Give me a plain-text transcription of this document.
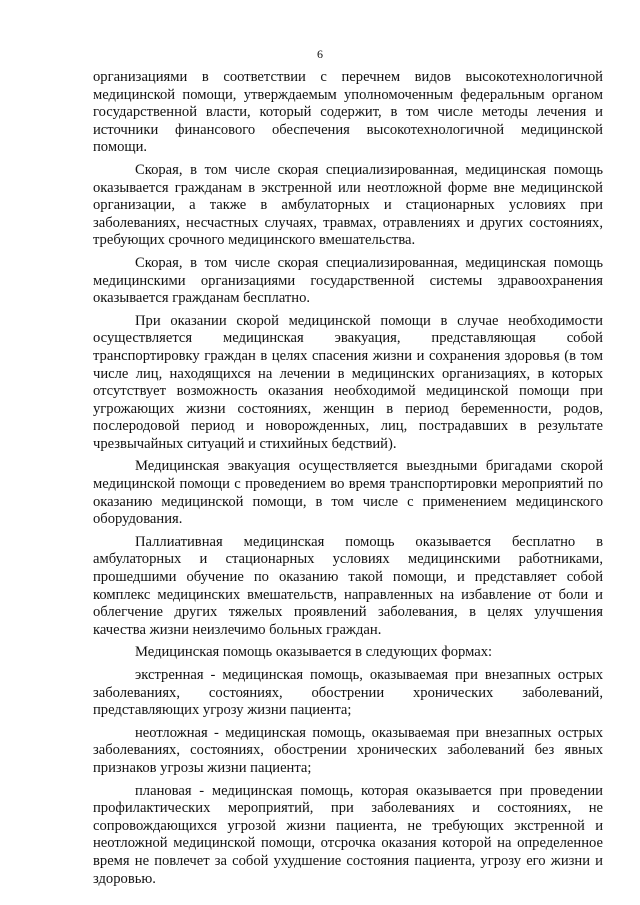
6

организациями в соответствии с перечнем видов высокотехнологичной медицинской помощи, утверждаемым уполномоченным федеральным органом государственной власти, который содержит, в том числе методы лечения и источники финансового обеспечения высокотехнологичной медицинской помощи.

Скорая, в том числе скорая специализированная, медицинская помощь оказывается гражданам в экстренной или неотложной форме вне медицинской организации, а также в амбулаторных и стационарных условиях при заболеваниях, несчастных случаях, травмах, отравлениях и других состояниях, требующих срочного медицинского вмешательства.

Скорая, в том числе скорая специализированная, медицинская помощь медицинскими организациями государственной системы здравоохранения оказывается гражданам бесплатно.

При оказании скорой медицинской помощи в случае необходимости осуществляется медицинская эвакуация, представляющая собой транспортировку граждан в целях спасения жизни и сохранения здоровья (в том числе лиц, находящихся на лечении в медицинских организациях, в которых отсутствует возможность оказания необходимой медицинской помощи при угрожающих жизни состояниях, женщин в период беременности, родов, послеродовой период и новорожденных, лиц, пострадавших в результате чрезвычайных ситуаций и стихийных бедствий).

Медицинская эвакуация осуществляется выездными бригадами скорой медицинской помощи с проведением во время транспортировки мероприятий по оказанию медицинской помощи, в том числе с применением медицинского оборудования.

Паллиативная медицинская помощь оказывается бесплатно в амбулаторных и стационарных условиях медицинскими работниками, прошедшими обучение по оказанию такой помощи, и представляет собой комплекс медицинских вмешательств, направленных на избавление от боли и облегчение других тяжелых проявлений заболевания, в целях улучшения качества жизни неизлечимо больных граждан.

Медицинская помощь оказывается в следующих формах:

экстренная - медицинская помощь, оказываемая при внезапных острых заболеваниях, состояниях, обострении хронических заболеваний, представляющих угрозу жизни пациента;

неотложная - медицинская помощь, оказываемая при внезапных острых заболеваниях, состояниях, обострении хронических заболеваний без явных признаков угрозы жизни пациента;

плановая - медицинская помощь, которая оказывается при проведении профилактических мероприятий, при заболеваниях и состояниях, не сопровождающихся угрозой жизни пациента, не требующих экстренной и неотложной медицинской помощи, отсрочка оказания которой на определенное время не повлечет за собой ухудшение состояния пациента, угрозу его жизни и здоровью.
